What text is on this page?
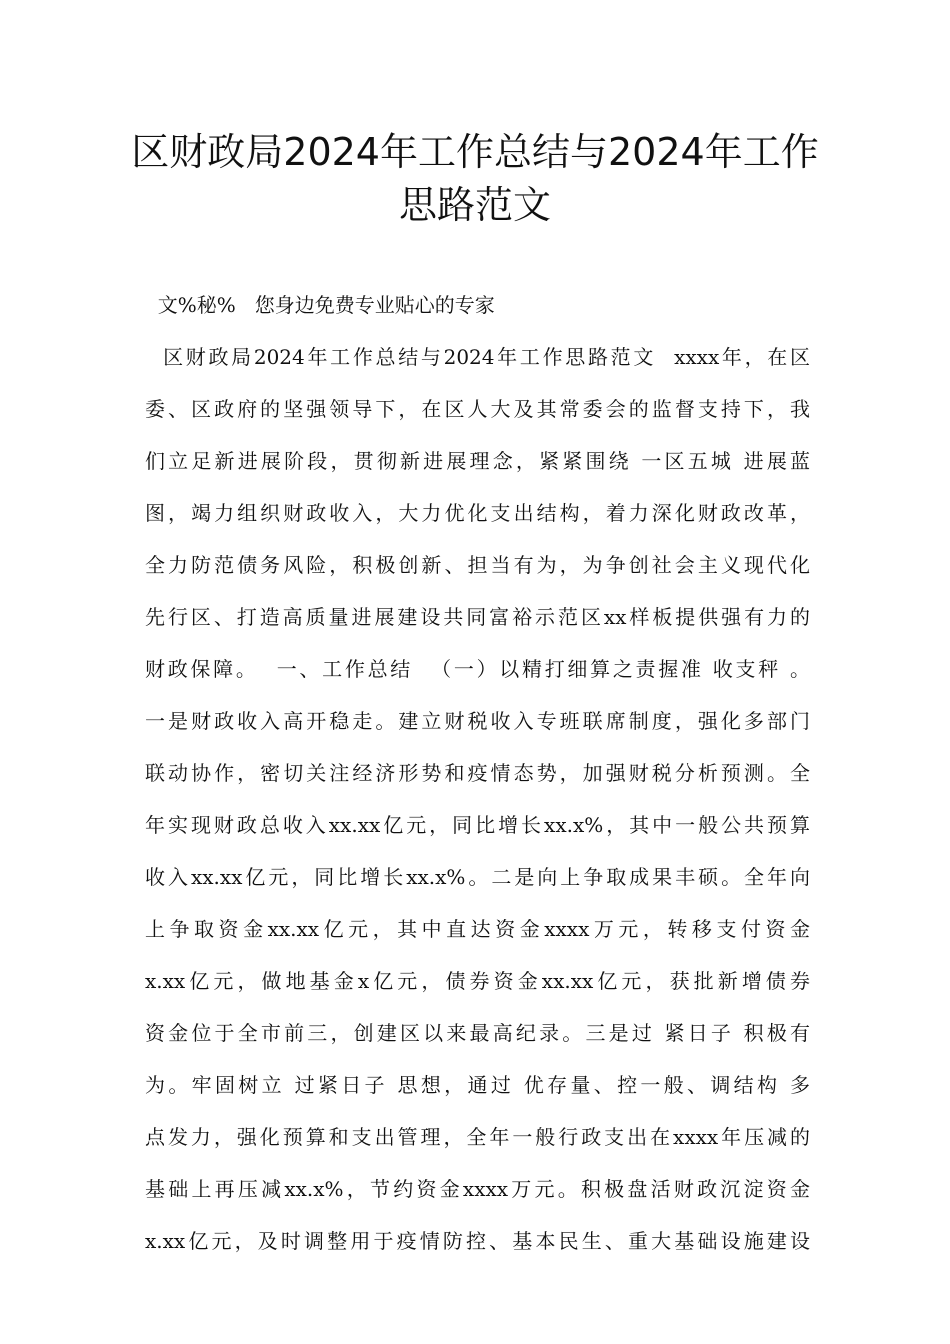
区财政局2024年工作总结与2024年工作思路范文
文%秘%   您身边免费专业贴心的专家
区财政局2024年工作总结与2024年工作思路范文  xxxx年，在区
委、区政府的坚强领导下，在区人大及其常委会的监督支持下，我
们立足新进展阶段，贯彻新进展理念，紧紧围绕 一区五城 进展蓝
图，竭力组织财政收入，大力优化支出结构，着力深化财政改革，
全力防范债务风险，积极创新、担当有为，为争创社会主义现代化
先行区、打造高质量进展建设共同富裕示范区xx样板提供强有力的
财政保障。  一、工作总结  （一）以精打细算之责握准 收支秤 。
一是财政收入高开稳走。建立财税收入专班联席制度，强化多部门
联动协作，密切关注经济形势和疫情态势，加强财税分析预测。全
年实现财政总收入xx.xx亿元，同比增长xx.x%，其中一般公共预算
收入xx.xx亿元，同比增长xx.x%。二是向上争取成果丰硕。全年向
上争取资金xx.xx亿元，其中直达资金xxxx万元，转移支付资金
x.xx亿元，做地基金x亿元，债券资金xx.xx亿元，获批新增债券
资金位于全市前三，创建区以来最高纪录。三是过 紧日子 积极有
为。牢固树立 过紧日子 思想，通过 优存量、控一般、调结构 多
点发力，强化预算和支出管理，全年一般行政支出在xxxx年压减的
基础上再压减xx.x%，节约资金xxxx万元。积极盘活财政沉淀资金
x.xx亿元，及时调整用于疫情防控、基本民生、重大基础设施建设
